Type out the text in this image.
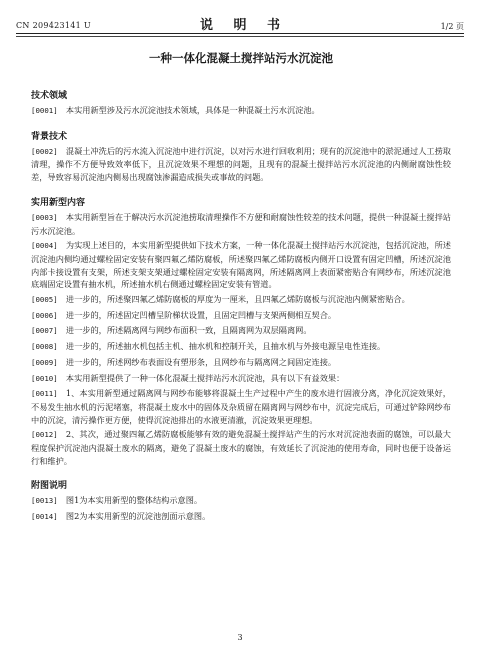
CN 209423141 U	说 明 书	1/2 页
一种一体化混凝土搅拌站污水沉淀池
技术领域
[0001]  本实用新型涉及污水沉淀池技术领域，具体是一种混凝土污水沉淀池。
背景技术
[0002]  混凝土冲洗后的污水流入沉淀池中进行沉淀，以对污水进行回收利用；现有的沉淀池中的淤泥通过人工捞取清理，操作不方便导致效率低下，且沉淀效果不理想的问题，且现有的混凝土搅拌站污水沉淀池的内侧耐腐蚀性较差，导致容易沉淀池内侧易出现腐蚀渗漏造成损失或事故的问题。
实用新型内容
[0003]  本实用新型旨在于解决污水沉淀池捞取清理操作不方便和耐腐蚀性较差的技术问题，提供一种混凝土搅拌站污水沉淀池。
[0004]  为实现上述目的，本实用新型提供如下技术方案，一种一体化混凝土搅拌站污水沉淀池，包括沉淀池，所述沉淀池内侧均通过螺栓固定安装有聚四氟乙烯防腐板，所述聚四氟乙烯防腐板内侧开口设置有固定凹槽，所述沉淀池内部卡接设置有支架，所述支架支架通过螺栓固定安装有隔离网，所述隔离网上表面紧密贴合有网纱布，所述沉淀池底端固定设置有抽水机，所述抽水机右侧通过螺栓固定安装有管道。
[0005]  进一步的，所述聚四氟乙烯防腐板的厚度为一厘米，且四氟乙烯防腐板与沉淀池内侧紧密贴合。
[0006]  进一步的，所述固定凹槽呈阶梯状设置，且固定凹槽与支架两侧相互契合。
[0007]  进一步的，所述隔离网与网纱布面积一致，且隔离网为双层隔离网。
[0008]  进一步的，所述抽水机包括主机、抽水机和控制开关，且抽水机与外接电源呈电性连接。
[0009]  进一步的，所述网纱布表面设有塑形条，且网纱布与隔离网之间固定连接。
[0010]  本实用新型提供了一种一体化混凝土搅拌站污水沉淀池，具有以下有益效果：
[0011]  1、本实用新型通过隔离网与网纱布能够将混凝土生产过程中产生的废水进行固液分离，净化沉淀效果好，不易发生抽水机的污泥堵塞，将混凝土废水中的固体及杂质留在隔离网与网纱布中，沉淀完成后，可通过铲除网纱布中的沉淀，清污操作更方便，使得沉淀池排出的水液更清澈，沉淀效果更理想。
[0012]  2、其次，通过聚四氟乙烯防腐板能够有效的避免混凝土搅拌站产生的污水对沉淀池表面的腐蚀，可以最大程度保护沉淀池内混凝土废水的隔离，避免了混凝土废水的腐蚀，有效延长了沉淀池的使用寿命，同时也便于设备运行和维护。
附图说明
[0013]  图1为本实用新型的整体结构示意图。
[0014]  图2为本实用新型的沉淀池剖面示意图。
3
